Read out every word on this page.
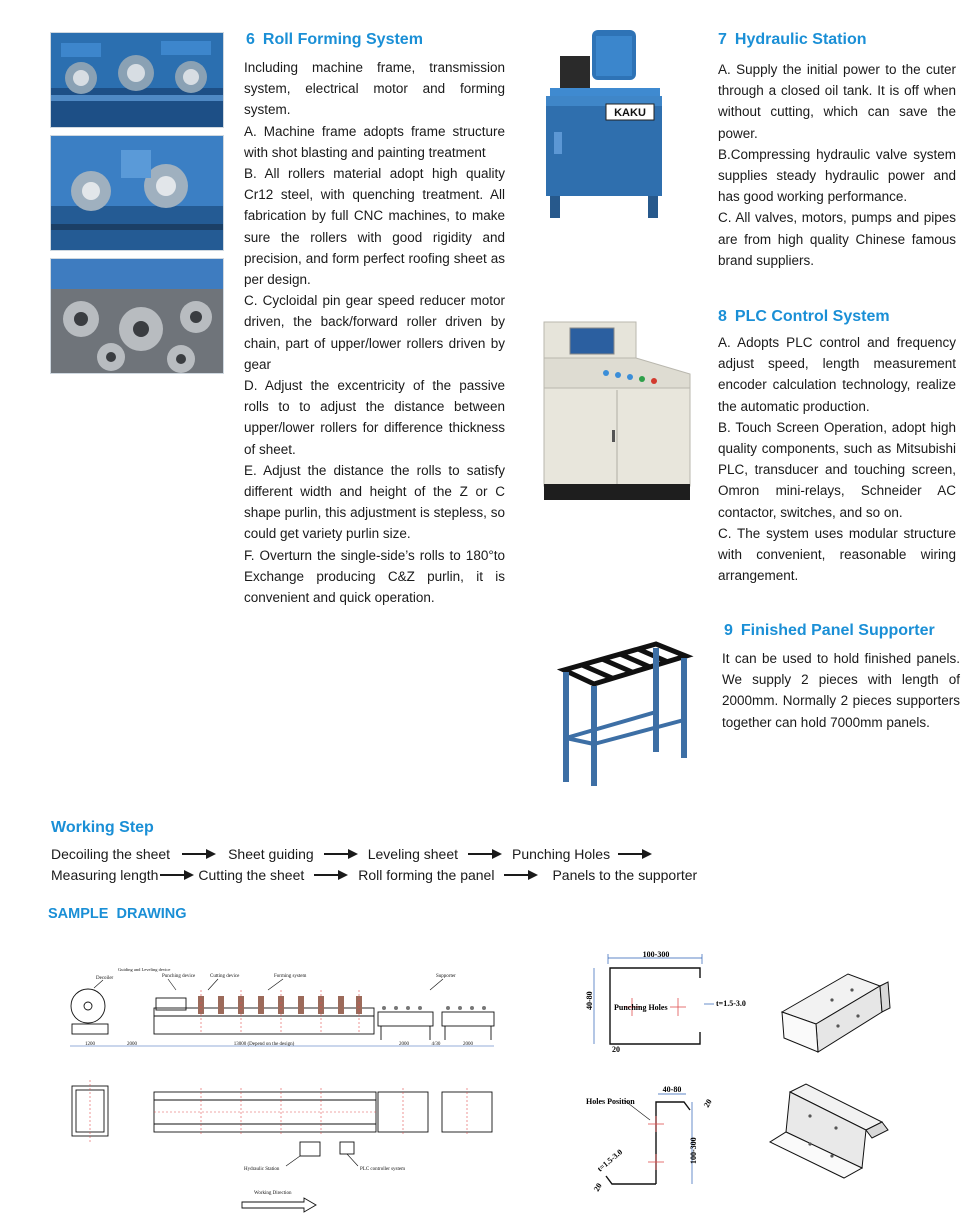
6 Roll Forming System

Including machine frame, transmission system, electrical motor and forming system.

A. Machine frame adopts frame structure with shot blasting and painting treatment

B. All rollers material adopt high quality Cr12 steel, with quenching treatment. All fabrication by full CNC machines, to make sure the rollers with good rigidity and precision, and form perfect roofing sheet as per design.

C. Cycloidal pin gear speed reducer motor driven, the back/forward roller driven by chain, part of upper/lower rollers driven by gear

D. Adjust the excentricity of the passive rolls to to adjust the distance between upper/lower rollers for difference thickness of sheet.

E. Adjust the distance the rolls to satisfy different width and height of the Z or C shape purlin, this adjustment is stepless, so could get variety purlin size.

F. Overturn the single-side’s rolls to 180°to Exchange producing C&Z purlin, it is convenient and quick operation.

KAKU
7 Hydraulic Station

A. Supply the initial power to the cuter through a closed oil tank. It is off when without cutting, which can save the power.

B.Compressing hydraulic valve system supplies steady hydraulic power and has good working performance.

C. All valves, motors, pumps and pipes are from high quality Chinese famous brand suppliers.

8 PLC Control System

A. Adopts PLC control and frequency adjust speed, length measurement encoder calculation technology, realize the automatic production.

B. Touch Screen Operation, adopt high quality components, such as Mitsubishi PLC, transducer and touching screen, Omron mini-relays, Schneider AC contactor, switches, and so on.

C. The system uses modular structure with convenient, reasonable wiring arrangement.

9 Finished Panel Supporter

It can be used to hold finished panels. We supply 2 pieces with length of 2000mm. Normally 2 pieces supporters together can hold 7000mm panels.

Working Step
Decoiling the sheet	Sheet guiding	Leveling sheet	Punching Holes
Measuring length	Cutting the sheet	Roll forming the panel	Panels to the supporter
SAMPLE  DRAWING
Decoiler
Guiding and Leveling device
Punching device	Cutting device	Forming system	Supporter
1200	2000	13000 (Depend on the design)	2000	4/30	2000
Hydraulic Station	PLC controller system
Working Direction
100-300
40-80	Punching Holes	t=1.5-3.0
20
Holes Position
40-80
20
100-300
t=1.5-3.0
20
